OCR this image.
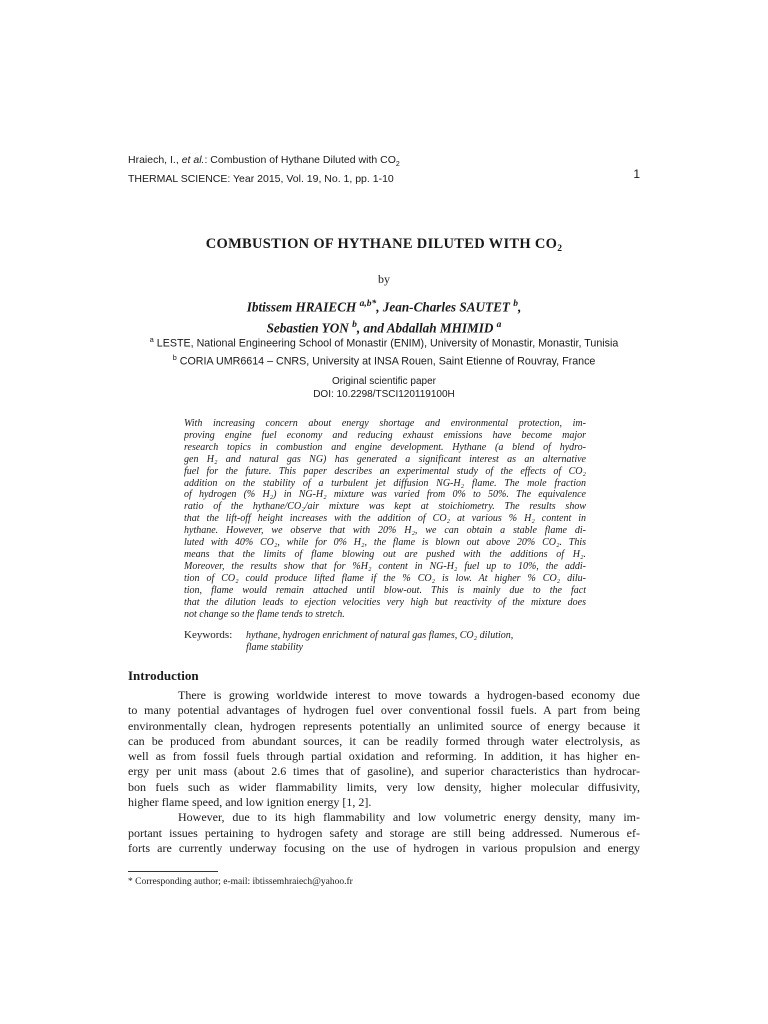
Hraiech, I., et al.: Combustion of Hythane Diluted with $CO_2$
THERMAL SCIENCE: Year 2015, Vol. 19, No. 1, pp. 1-10	1
COMBUSTION OF HYTHANE DILUTED WITH $CO_2$
by
Ibtissem HRAIECH $^{a,b*}$, Jean-Charles SAUTET $^b$,
Sebastien YON $^b$, and Abdallah MHIMID $^a$
$^a$ LESTE, National Engineering School of Monastir (ENIM), University of Monastir, Monastir, Tunisia
$^b$ CORIA UMR6614 – CNRS, University at INSA Rouen, Saint Etienne of Rouvray, France
Original scientific paper
DOI: 10.2298/TSCI120119100H
With increasing concern about energy shortage and environmental protection, im-
proving engine fuel economy and reducing exhaust emissions have become major
research topics in combustion and engine development. Hythane (a blend of hydro-
gen H₂ and natural gas NG) has generated a significant interest as an alternative
fuel for the future. This paper describes an experimental study of the effects of CO₂
addition on the stability of a turbulent jet diffusion NG-H₂ flame. The mole fraction
of hydrogen (% H₂) in NG-H₂ mixture was varied from 0% to 50%. The equivalence
ratio of the hythane/CO₂/air mixture was kept at stoichiometry. The results show
that the lift-off height increases with the addition of CO₂ at various % H₂ content in
hythane. However, we observe that with 20% H₂, we can obtain a stable flame di-
luted with 40% CO₂, while for 0% H₂, the flame is blown out above 20% CO₂. This
means that the limits of flame blowing out are pushed with the additions of H₂.
Moreover, the results show that for %H₂ content in NG-H₂ fuel up to 10%, the addi-
tion of CO₂ could produce lifted flame if the % CO₂ is low. At higher % CO₂ dilu-
tion, flame would remain attached until blow-out. This is mainly due to the fact
that the dilution leads to ejection velocities very high but reactivity of the mixture does
not change so the flame tends to stretch.
Keywords: hythane, hydrogen enrichment of natural gas flames, CO₂ dilution,
flame stability
Introduction
There is growing worldwide interest to move towards a hydrogen-based economy due
to many potential advantages of hydrogen fuel over conventional fossil fuels. A part from being
environmentally clean, hydrogen represents potentially an unlimited source of energy because it
can be produced from abundant sources, it can be readily formed through water electrolysis, as
well as from fossil fuels through partial oxidation and reforming. In addition, it has higher en-
ergy per unit mass (about 2.6 times that of gasoline), and superior characteristics than hydrocar-
bon fuels such as wider flammability limits, very low density, higher molecular diffusivity,
higher flame speed, and low ignition energy [1, 2].
However, due to its high flammability and low volumetric energy density, many im-
portant issues pertaining to hydrogen safety and storage are still being addressed. Numerous ef-
forts are currently underway focusing on the use of hydrogen in various propulsion and energy
* Corresponding author; e-mail: ibtissemhraiech@yahoo.fr
